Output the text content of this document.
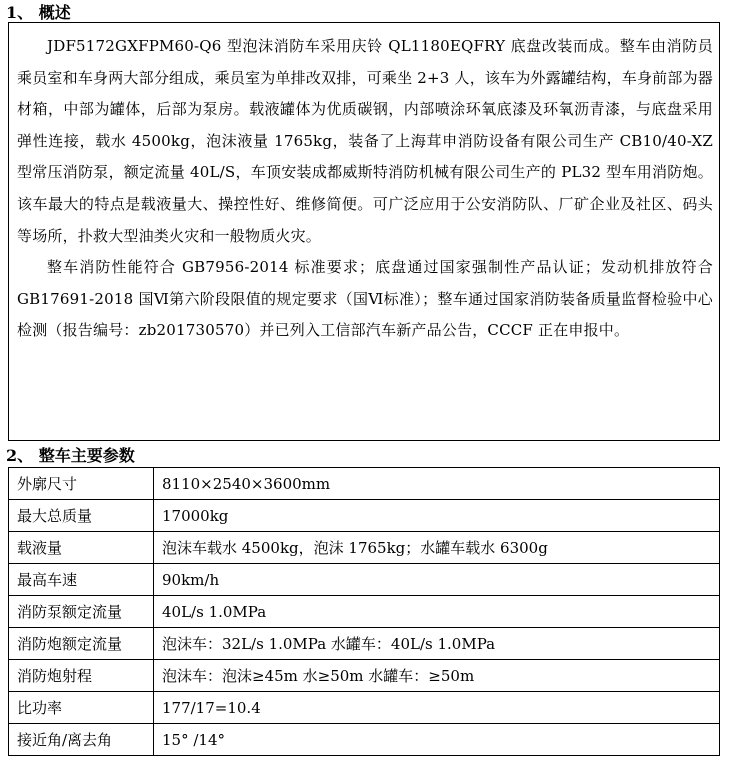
1、 概述

JDF5172GXFPM60-Q6 型泡沫消防车采用庆铃 QL1180EQFRY 底盘改装而成。整车由消防员乘员室和车身两大部分组成，乘员室为单排改双排，可乘坐 2+3 人，该车为外露罐结构，车身前部为器材箱，中部为罐体，后部为泵房。载液罐体为优质碳钢，内部喷涂环氧底漆及环氧沥青漆，与底盘采用弹性连接，载水 4500kg，泡沫液量 1765kg，装备了上海茸申消防设备有限公司生产 CB10/40-XZ 型常压消防泵，额定流量 40L/S，车顶安装成都威斯特消防机械有限公司生产的 PL32 型车用消防炮。该车最大的特点是载液量大、操控性好、维修简便。可广泛应用于公安消防队、厂矿企业及社区、码头等场所，扑救大型油类火灾和一般物质火灾。

整车消防性能符合 GB7956-2014 标准要求；底盘通过国家强制性产品认证；发动机排放符合 GB17691-2018 国Ⅵ第六阶段限值的规定要求（国Ⅵ标准）；整车通过国家消防装备质量监督检验中心检测（报告编号：zb201730570）并已列入工信部汽车新产品公告，CCCF 正在申报中。

2、 整车主要参数
外廓尺寸	8110×2540×3600mm
最大总质量	17000kg
载液量	泡沫车载水 4500kg，泡沫 1765kg；水罐车载水 6300g
最高车速	90km/h
消防泵额定流量	40L/s 1.0MPa
消防炮额定流量	泡沫车：32L/s 1.0MPa 水罐车：40L/s 1.0MPa
消防炮射程	泡沫车：泡沫≥45m 水≥50m 水罐车：≥50m
比功率	177/17=10.4
接近角/离去角	15° /14°
